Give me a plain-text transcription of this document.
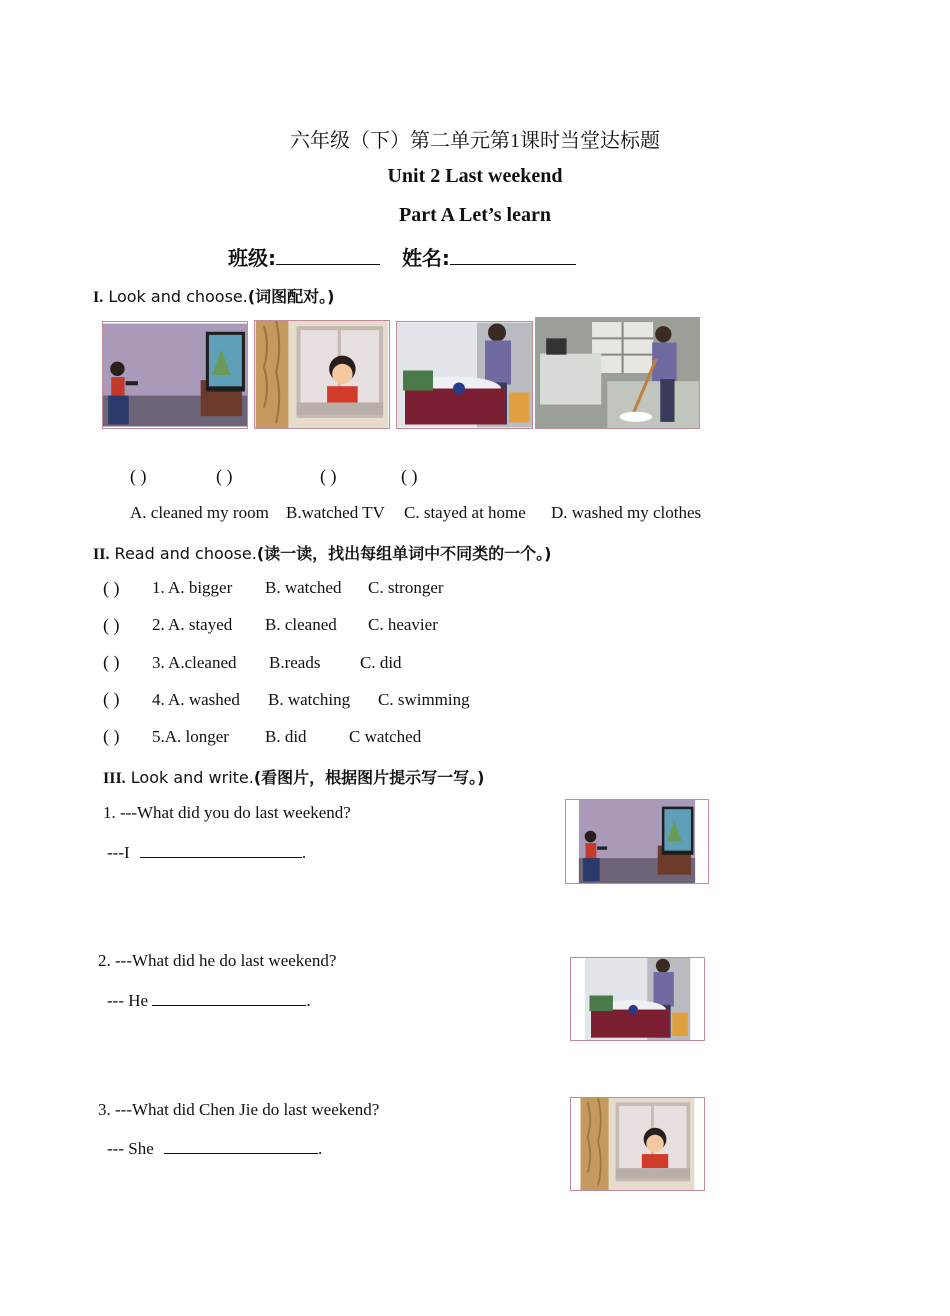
六年级（下）第二单元第1课时当堂达标题
Unit 2 Last weekend
Part A Let’s learn
班级:	姓名:
I. Look and choose.(词图配对。)
( )	( )	( )	( )
A. cleaned my room B.watched TV C. stayed at home D. washed my clothes
II. Read and choose.(读一读，找出每组单词中不同类的一个。)
( ) 1. A. bigger B. watched C. stronger
( ) 2. A. stayed B. cleaned C. heavier
( ) 3. A.cleaned B.reads C. did
( ) 4. A. washed B. watching C. swimming
( ) 5.A. longer B. did C watched
III. Look and write.(看图片，根据图片提示写一写。)
1. ---What did you do last weekend?
---I	.
2. ---What did he do last weekend?
--- He	.
3. ---What did Chen Jie do last weekend?
--- She	.
